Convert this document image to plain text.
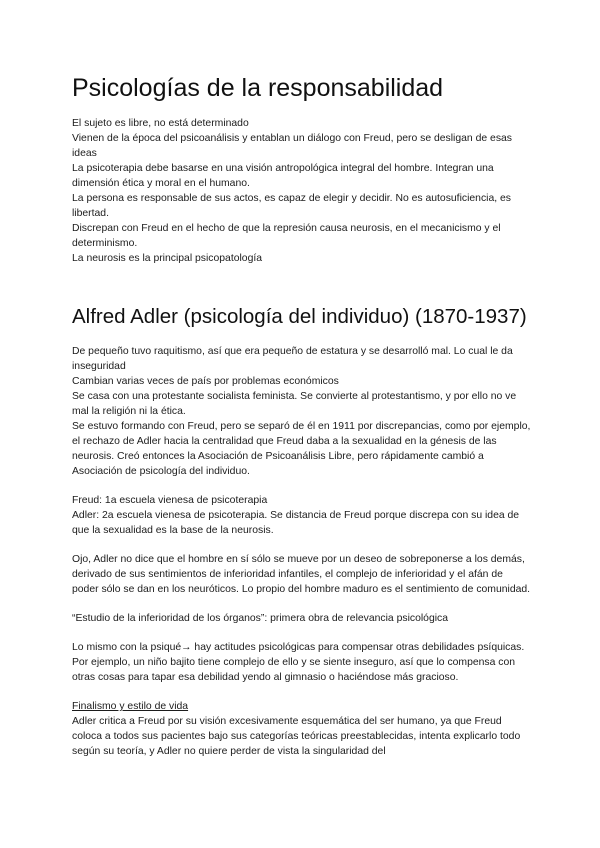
Psicologías de la responsabilidad

El sujeto es libre, no está determinado

Vienen de la época del psicoanálisis y entablan un diálogo con Freud, pero se desligan de esas ideas

La psicoterapia debe basarse en una visión antropológica integral del hombre. Integran una dimensión ética y moral en el humano.

La persona es responsable de sus actos, es capaz de elegir y decidir. No es autosuficiencia, es libertad.

Discrepan con Freud en el hecho de que la represión causa neurosis, en el mecanicismo y el determinismo.

La neurosis es la principal psicopatología

Alfred Adler (psicología del individuo) (1870-1937)

De pequeño tuvo raquitismo, así que era pequeño de estatura y se desarrolló mal. Lo cual le da inseguridad

Cambian varias veces de país por problemas económicos

Se casa con una protestante socialista feminista. Se convierte al protestantismo, y por ello no ve mal la religión ni la ética.

Se estuvo formando con Freud, pero se separó de él en 1911 por discrepancias, como por ejemplo, el rechazo de Adler hacia la centralidad que Freud daba a la sexualidad en la génesis de las neurosis. Creó entonces la Asociación de Psicoanálisis Libre, pero rápidamente cambió a Asociación de psicología del individuo.

Freud: 1a escuela vienesa de psicoterapia

Adler: 2a escuela vienesa de psicoterapia. Se distancia de Freud porque discrepa con su idea de que la sexualidad es la base de la neurosis.

Ojo, Adler no dice que el hombre en sí sólo se mueve por un deseo de sobreponerse a los demás, derivado de sus sentimientos de inferioridad infantiles, el complejo de inferioridad y el afán de poder sólo se dan en los neuróticos. Lo propio del hombre maduro es el sentimiento de comunidad.

“Estudio de la inferioridad de los órganos”: primera obra de relevancia psicológica

Lo mismo con la psiqué→ hay actitudes psicológicas para compensar otras debilidades psíquicas. Por ejemplo, un niño bajito tiene complejo de ello y se siente inseguro, así que lo compensa con otras cosas para tapar esa debilidad yendo al gimnasio o haciéndose más gracioso.

Finalismo y estilo de vida

Adler critica a Freud por su visión excesivamente esquemática del ser humano, ya que Freud coloca a todos sus pacientes bajo sus categorías teóricas preestablecidas, intenta explicarlo todo según su teoría, y Adler no quiere perder de vista la singularidad del
